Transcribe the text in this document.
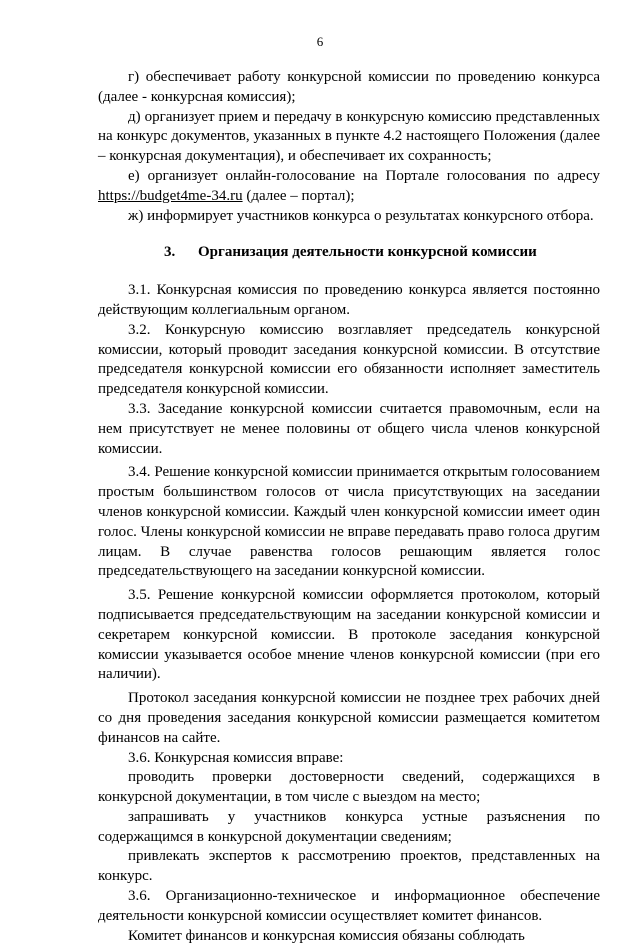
6

г) обеспечивает работу конкурсной комиссии по проведению конкурса (далее - конкурсная комиссия);

д) организует прием и передачу в конкурсную комиссию представленных на конкурс документов, указанных в пункте 4.2 настоящего Положения (далее – конкурсная документация), и обеспечивает их сохранность;

е) организует онлайн-голосование на Портале голосования по адресу https://budget4me-34.ru (далее – портал);

ж) информирует участников конкурса о результатах конкурсного отбора.

3. Организация деятельности конкурсной комиссии

3.1. Конкурсная комиссия по проведению конкурса является постоянно действующим коллегиальным органом.

3.2. Конкурсную комиссию возглавляет председатель конкурсной комиссии, который проводит заседания конкурсной комиссии. В отсутствие председателя конкурсной комиссии его обязанности исполняет заместитель председателя конкурсной комиссии.

3.3. Заседание конкурсной комиссии считается правомочным, если на нем присутствует не менее половины от общего числа членов конкурсной комиссии.

3.4. Решение конкурсной комиссии принимается открытым голосованием простым большинством голосов от числа присутствующих на заседании членов конкурсной комиссии. Каждый член конкурсной комиссии имеет один голос. Члены конкурсной комиссии не вправе передавать право голоса другим лицам. В случае равенства голосов решающим является голос председательствующего на заседании конкурсной комиссии.

3.5. Решение конкурсной комиссии оформляется протоколом, который подписывается председательствующим на заседании конкурсной комиссии и секретарем конкурсной комиссии. В протоколе заседания конкурсной комиссии указывается особое мнение членов конкурсной комиссии (при его наличии).

Протокол заседания конкурсной комиссии не позднее трех рабочих дней со дня проведения заседания конкурсной комиссии размещается комитетом финансов на сайте.

3.6. Конкурсная комиссия вправе:

проводить проверки достоверности сведений, содержащихся в конкурсной документации, в том числе с выездом на место;

запрашивать у участников конкурса устные разъяснения по содержащимся в конкурсной документации сведениям;

привлекать экспертов к рассмотрению проектов, представленных на конкурс.

3.6. Организационно-техническое и информационное обеспечение деятельности конкурсной комиссии осуществляет комитет финансов.

Комитет финансов и конкурсная комиссия обязаны соблюдать
